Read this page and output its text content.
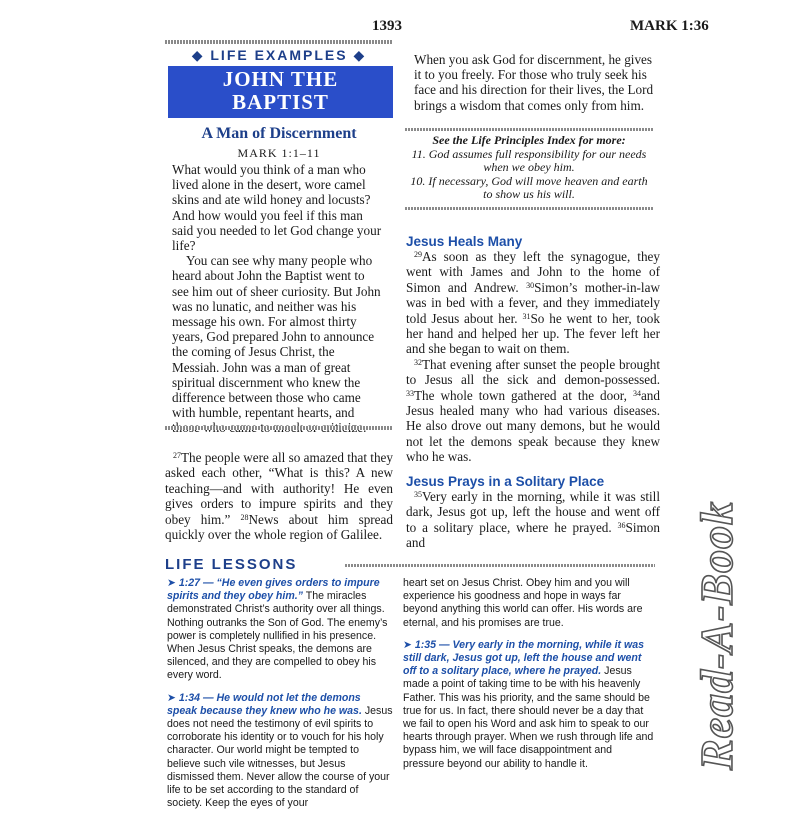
1393	MARK 1:36
◆ LIFE EXAMPLES ◆
JOHN THE
BAPTIST
A Man of Discernment
MARK 1:1–11

What would you think of a man who lived alone in the desert, wore camel skins and ate wild honey and locusts? And how would you feel if this man said you needed to let God change your life?

You can see why many people who heard about John the Baptist went to see him out of sheer curiosity. But John was no lunatic, and neither was his message his own. For almost thirty years, God prepared John to announce the coming of Jesus Christ, the Messiah. John was a man of great spiritual discernment who knew the difference between those who came with humble, repentant hearts, and

When you ask God for discernment, he gives it to you freely. For those who truly seek his face and his direction for their lives, the Lord brings a wisdom that comes only from him.
See the Life Principles Index for more:
11. God assumes full responsibility for our needs when we obey him.
10. If necessary, God will move heaven and earth to show us his will.
Jesus Heals Many

$^{29}$As soon as they left the synagogue, they went with James and John to the home of Simon and Andrew. $^{30}$Simon’s mother-in-law was in bed with a fever, and they immediately told Jesus about her. $^{31}$So he went to her, took her hand and helped her up. The fever left her and she began to wait on them.

$^{32}$That evening after sunset the people brought to Jesus all the sick and demon-possessed. $^{33}$The whole town gathered at the door, $^{34}$and Jesus healed many who had various diseases. He also drove out many demons, but he would not let the demons speak because they knew who he was.

Jesus Prays in a Solitary Place

$^{35}$Very early in the morning, while it was still dark, Jesus got up, left the house and went off to a solitary place, where he prayed. $^{36}$Simon and

$^{27}$The people were all so amazed that they asked each other, “What is this? A new teaching—and with authority! He even gives orders to impure spirits and they obey him.” $^{28}$News about him spread quickly over the whole region of Galilee.

LIFE LESSONS

➤ 1:27 — “He even gives orders to impure spirits and they obey him.” The miracles demonstrated Christ’s authority over all things. Nothing outranks the Son of God. The enemy’s power is completely nullified in his presence. When Jesus Christ speaks, the demons are silenced, and they are compelled to obey his every word.

➤ 1:34 — He would not let the demons speak because they knew who he was. Jesus does not need the testimony of evil spirits to corroborate his identity or to vouch for his holy character. Our world might be tempted to believe such vile witnesses, but Jesus dismissed them. Never allow the course of your life to be set according to the standard of society. Keep the eyes of your

heart set on Jesus Christ. Obey him and you will experience his goodness and hope in ways far beyond anything this world can offer. His words are eternal, and his promises are true.

➤ 1:35 — Very early in the morning, while it was still dark, Jesus got up, left the house and went off to a solitary place, where he prayed. Jesus made a point of taking time to be with his heavenly Father. This was his priority, and the same should be true for us. In fact, there should never be a day that we fail to open his Word and ask him to speak to our hearts through prayer. When we rush through life and bypass him, we will face disappointment and pressure beyond our ability to handle it.	Read-A-Book
